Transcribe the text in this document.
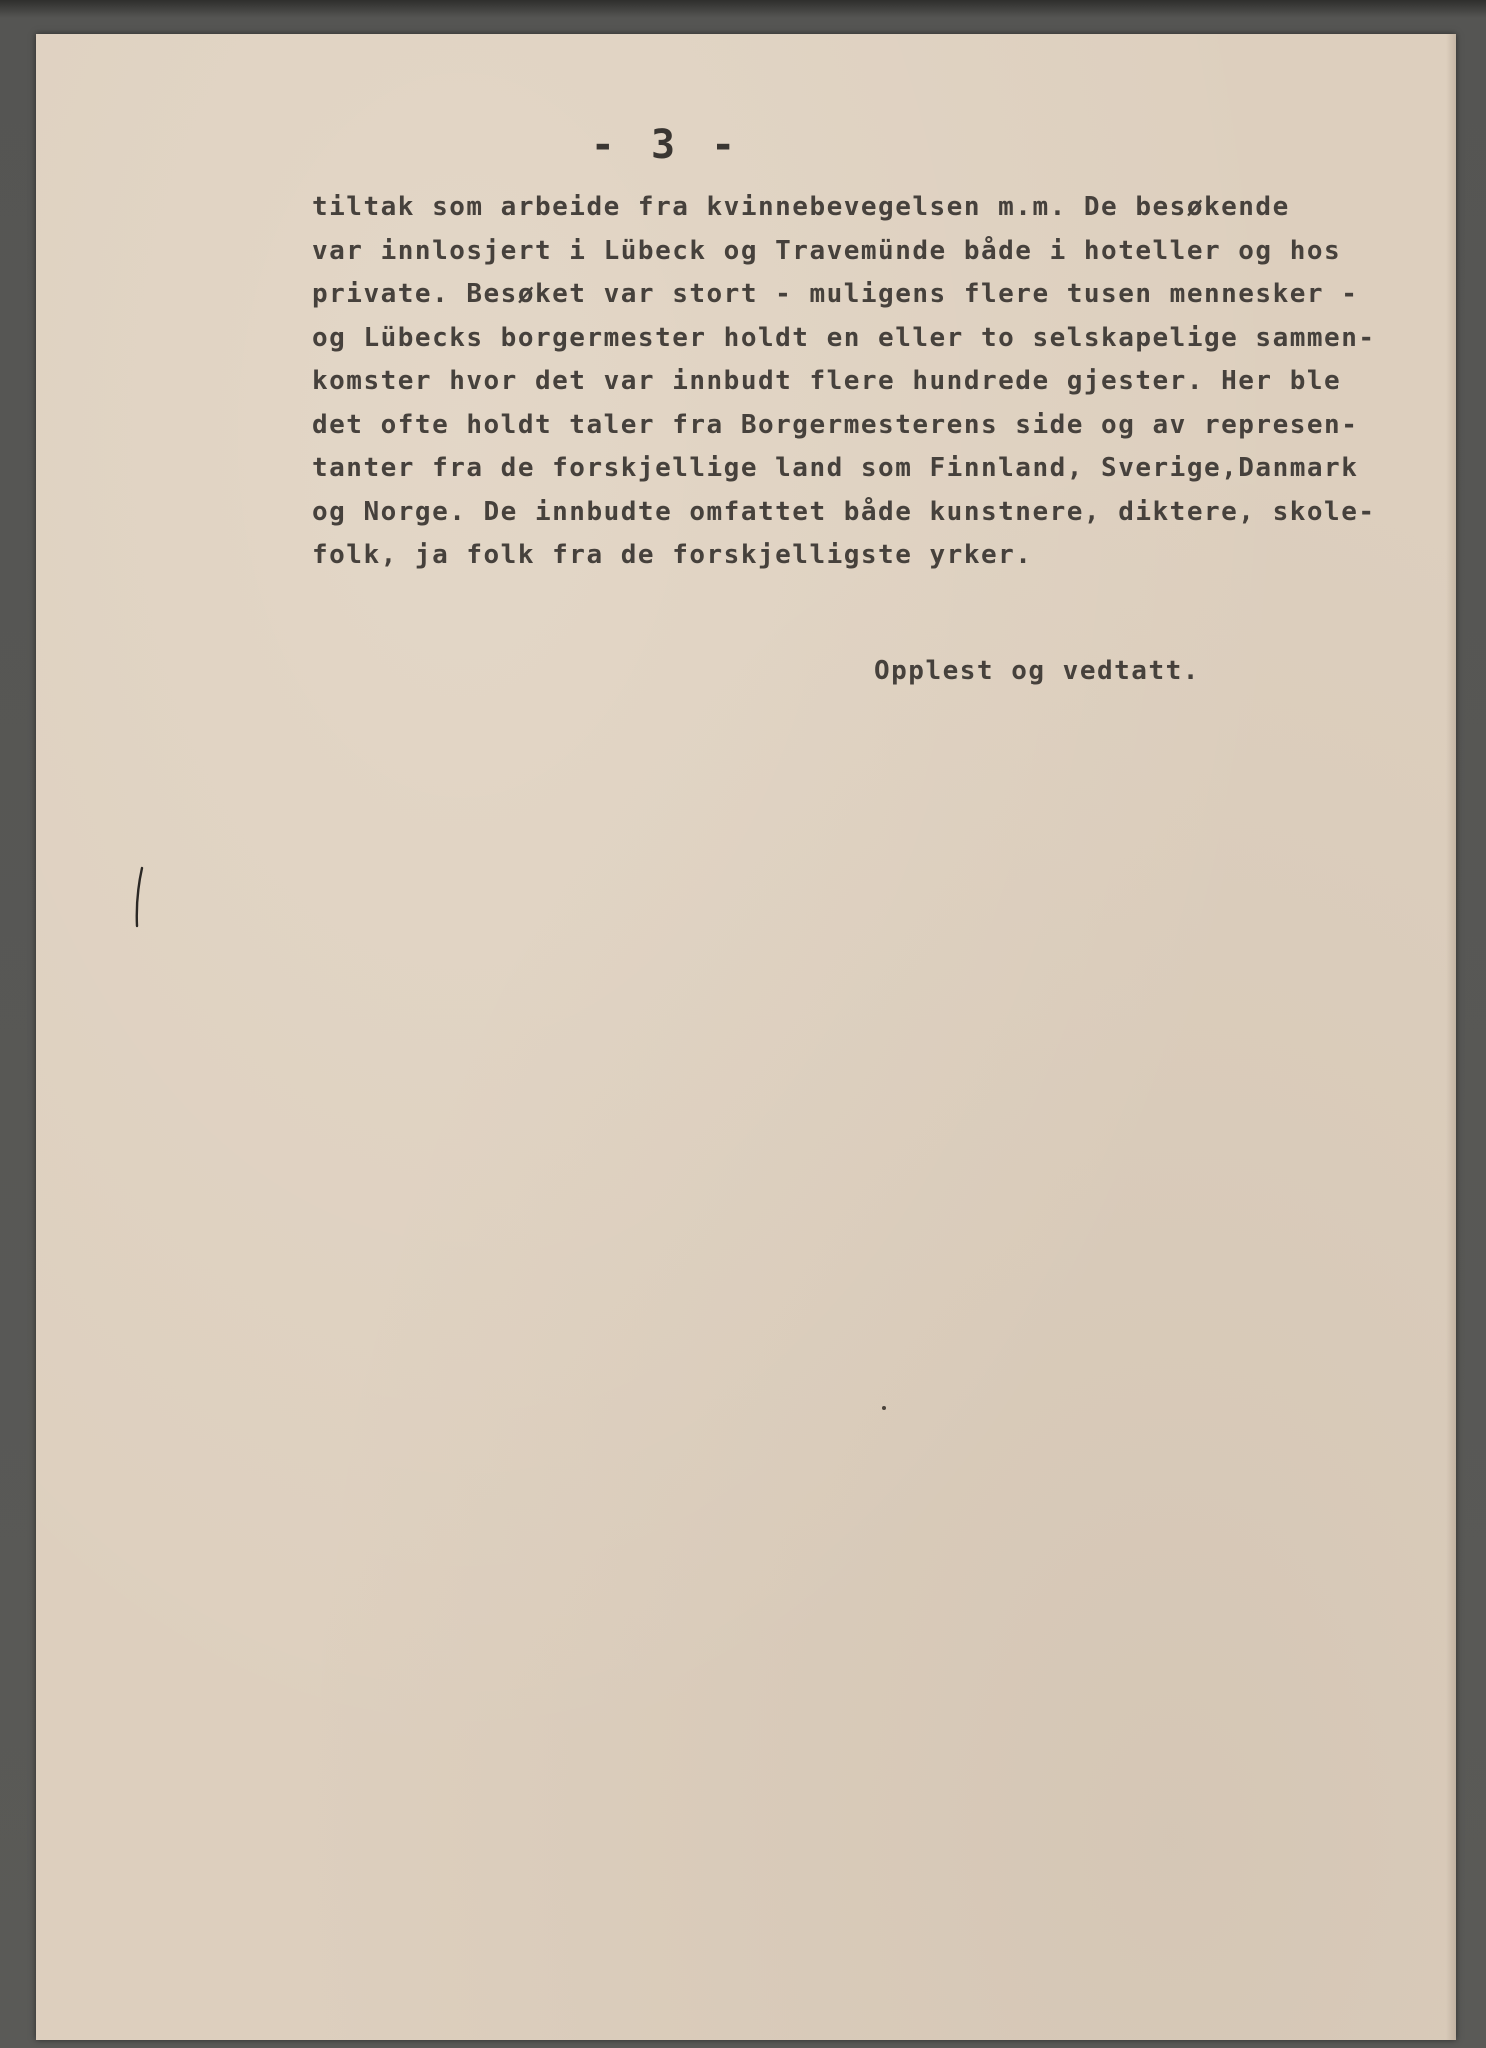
- 3 -

tiltak som arbeide fra kvinnebevegelsen m.m. De besøkende
var innlosjert i Lübeck og Travemünde både i hoteller og hos
private. Besøket var stort - muligens flere tusen mennesker -
og Lübecks borgermester holdt en eller to selskapelige sammen-
komster hvor det var innbudt flere hundrede gjester. Her ble
det ofte holdt taler fra Borgermesterens side og av represen-
tanter fra de forskjellige land som Finnland, Sverige,Danmark
og Norge. De innbudte omfattet både kunstnere, diktere, skole-
folk, ja folk fra de forskjelligste yrker.

Opplest og vedtatt.
